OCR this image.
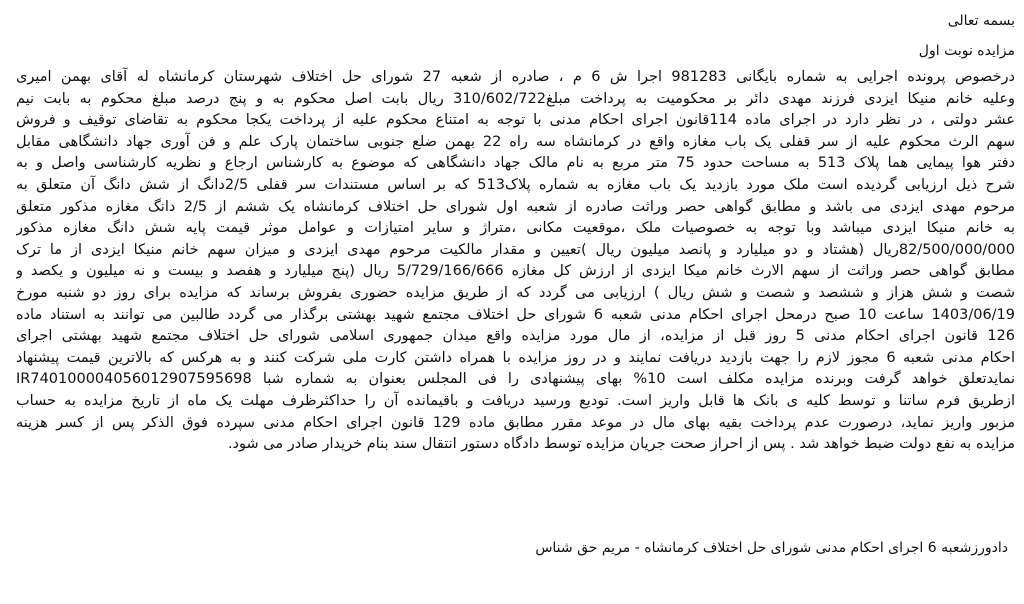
بسمه تعالی
مزایده نوبت اول
درخصوص پرونده اجرایی به شماره بایگانی 981283 اجرا ش 6 م ، صادره از شعبه 27 شورای حل اختلاف شهرستان کرمانشاه له آقای بهمن امیری
وعلیه خانم منیکا ایزدی فرزند مهدی دائر بر محکومیت به پرداخت مبلغ310/602/722 ریال بابت اصل محکوم به و پنج درصد مبلغ محکوم به بابت نیم
عشر دولتی ، در نظر دارد در اجرای ماده 114قانون اجرای احکام مدنی با توجه به امتناع محکوم علیه از پرداخت یکجا محکوم به تقاضای توقیف و فروش
سهم الرث محکوم علیه از سر قفلی یک باب مغازه واقع در کرمانشاه سه راه 22 بهمن ضلع جنوبی ساختمان پارک علم و فن آوری جهاد دانشگاهی مقابل
دفتر هوا پیمایی هما پلاک 513 به مساحت حدود 75 متر مربع به نام مالک جهاد دانشگاهی که موضوع به کارشناس ارجاع و نظریه کارشناسی واصل و به
شرح ذیل ارزیابی گردیده است ملک مورد بازدید یک باب مغازه به شماره پلاک513 که بر اساس مستندات سر قفلی 2/5دانگ از شش دانگ آن متعلق به
مرحوم مهدی ایزدی می باشد و مطابق گواهی حصر وراثت صادره از شعبه اول شورای حل اختلاف کرمانشاه یک ششم از 2/5 دانگ مغازه مذکور متعلق
به خانم منیکا ایزدی میباشد وبا توجه به خصوصیات ملک ،موقعیت مکانی ،متراژ و سایر امتیازات و عوامل موثر قیمت پایه شش دانگ مغازه مذکور
82/500/000/000ریال (هشتاد و دو میلیارد و پانصد میلیون ریال )تعیین و مقدار مالکیت مرحوم مهدی ایزدی و میزان سهم خانم منیکا ایزدی از ما ترک
مطابق گواهی حصر وراثت از سهم الارث خانم میکا ایزدی از ارزش کل مغازه 5/729/166/666 ریال (پنج میلیارد و هفصد و بیست و نه میلیون و یکصد و
شصت و شش هزاز و ششصد و شصت و شش ریال ) ارزیابی می گردد که از طریق مزایده حضوری بفروش برساند که مزایده برای روز دو شنبه مورخ
1403/06/19 ساعت 10 صبح درمحل اجرای احکام مدنی شعبه 6 شورای حل اختلاف مجتمع شهید بهشتی برگذار می گردد طالبین می توانند به استناد ماده
126 قانون اجرای احکام مدنی 5 روز قبل از مزایده، از مال مورد مزایده واقع میدان جمهوری اسلامی شورای حل اختلاف مجتمع شهید بهشتی اجرای
احکام مدنی شعبه 6 مجوز لازم را جهت بازدید دریافت نمایند و در روز مزایده با همراه داشتن کارت ملی شرکت کنند و به هرکس که بالاترین قیمت پیشنهاد
نمایدتعلق خواهد گرفت وبرنده مزایده مکلف است 10% بهای پیشنهادی را فی المجلس بعنوان به شماره شبا IR740100004056012907595698
ازطریق فرم ساتنا و توسط کلیه ی بانک ها قابل واریز است. تودیع ورسید دریافت و باقیمانده آن را حداکثرظرف مهلت یک ماه از تاریخ مزایده به حساب
مزبور واریز نماید، درصورت عدم پرداخت بقیه بهای مال در موعد مقرر مطابق ماده 129 قانون اجرای احکام مدنی سپرده فوق الذکر پس از کسر هزینه
مزایده به نفع دولت ضبط خواهد شد . پس از احراز صحت جریان مزایده توسط دادگاه دستور انتقال سند بنام خریدار صادر می شود.
دادورزشعبه 6 اجرای احکام مدنی شورای حل اختلاف کرمانشاه - مریم حق شناس
